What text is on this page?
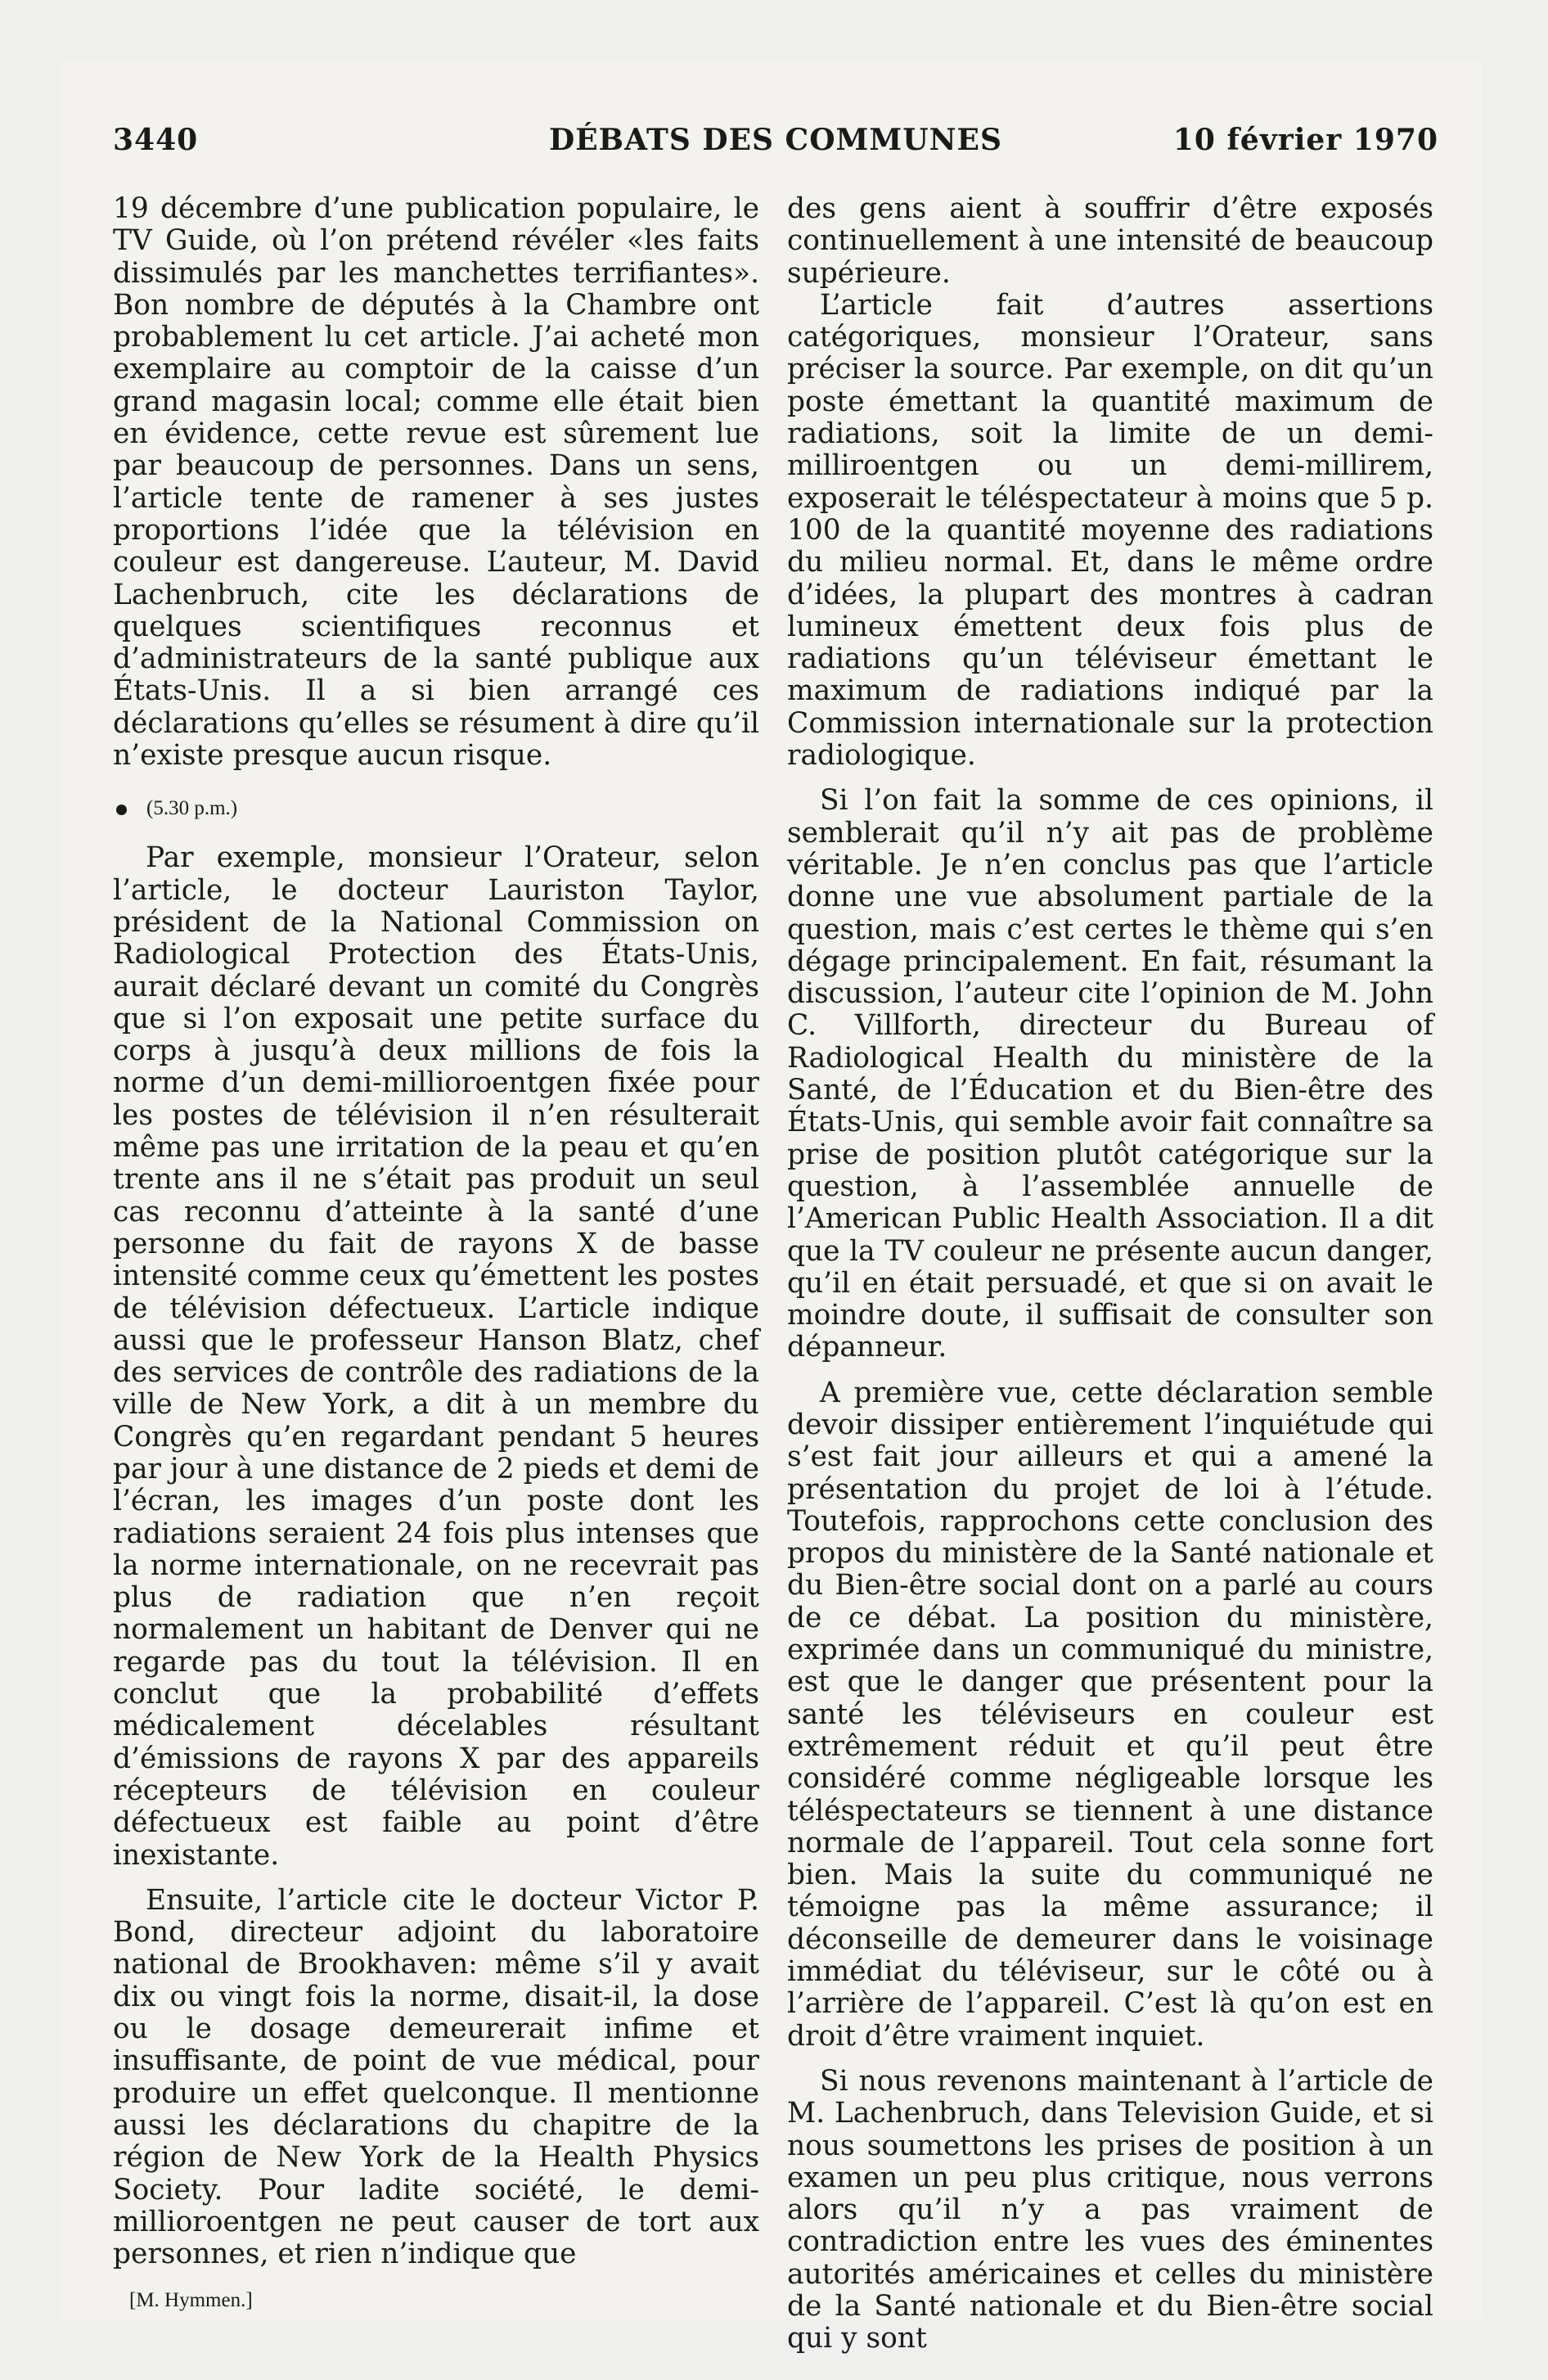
3440	DÉBATS DES COMMUNES	10 février 1970

19 décembre d’une publication populaire, le TV Guide, où l’on prétend révéler «les faits dissimulés par les manchettes terrifiantes». Bon nombre de députés à la Chambre ont probablement lu cet article. J’ai acheté mon exemplaire au comptoir de la caisse d’un grand magasin local; comme elle était bien en évidence, cette revue est sûrement lue par beaucoup de personnes. Dans un sens, l’article tente de ramener à ses justes proportions l’idée que la télévision en couleur est dangereuse. L’auteur, M. David Lachenbruch, cite les déclarations de quelques scientifiques reconnus et d’administrateurs de la santé publique aux États-Unis. Il a si bien arrangé ces déclarations qu’elles se résument à dire qu’il n’existe presque aucun risque.

(5.30 p.m.)

Par exemple, monsieur l’Orateur, selon l’article, le docteur Lauriston Taylor, président de la National Commission on Radiological Protection des États-Unis, aurait déclaré devant un comité du Congrès que si l’on exposait une petite surface du corps à jusqu’à deux millions de fois la norme d’un demi-millioroentgen fixée pour les postes de télévision il n’en résulterait même pas une irritation de la peau et qu’en trente ans il ne s’était pas produit un seul cas reconnu d’atteinte à la santé d’une personne du fait de rayons X de basse intensité comme ceux qu’émettent les postes de télévision défectueux. L’article indique aussi que le professeur Hanson Blatz, chef des services de contrôle des radiations de la ville de New York, a dit à un membre du Congrès qu’en regardant pendant 5 heures par jour à une distance de 2 pieds et demi de l’écran, les images d’un poste dont les radiations seraient 24 fois plus intenses que la norme internationale, on ne recevrait pas plus de radiation que n’en reçoit normalement un habitant de Denver qui ne regarde pas du tout la télévision. Il en conclut que la probabilité d’effets médicalement décelables résultant d’émissions de rayons X par des appareils récepteurs de télévision en couleur défectueux est faible au point d’être inexistante.

Ensuite, l’article cite le docteur Victor P. Bond, directeur adjoint du laboratoire national de Brookhaven: même s’il y avait dix ou vingt fois la norme, disait-il, la dose ou le dosage demeurerait infime et insuffisante, de point de vue médical, pour produire un effet quelconque. Il mentionne aussi les déclarations du chapitre de la région de New York de la Health Physics Society. Pour ladite société, le demi-millioroentgen ne peut causer de tort aux personnes, et rien n’indique que

[M. Hymmen.]

des gens aient à souffrir d’être exposés continuellement à une intensité de beaucoup supérieure.

L’article fait d’autres assertions catégoriques, monsieur l’Orateur, sans préciser la source. Par exemple, on dit qu’un poste émettant la quantité maximum de radiations, soit la limite de un demi-milliroentgen ou un demi-millirem, exposerait le téléspectateur à moins que 5 p. 100 de la quantité moyenne des radiations du milieu normal. Et, dans le même ordre d’idées, la plupart des montres à cadran lumineux émettent deux fois plus de radiations qu’un téléviseur émettant le maximum de radiations indiqué par la Commission internationale sur la protection radiologique.

Si l’on fait la somme de ces opinions, il semblerait qu’il n’y ait pas de problème véritable. Je n’en conclus pas que l’article donne une vue absolument partiale de la question, mais c’est certes le thème qui s’en dégage principalement. En fait, résumant la discussion, l’auteur cite l’opinion de M. John C. Villforth, directeur du Bureau of Radiological Health du ministère de la Santé, de l’Éducation et du Bien-être des États-Unis, qui semble avoir fait connaître sa prise de position plutôt catégorique sur la question, à l’assemblée annuelle de l’American Public Health Association. Il a dit que la TV couleur ne présente aucun danger, qu’il en était persuadé, et que si on avait le moindre doute, il suffisait de consulter son dépanneur.

A première vue, cette déclaration semble devoir dissiper entièrement l’inquiétude qui s’est fait jour ailleurs et qui a amené la présentation du projet de loi à l’étude. Toutefois, rapprochons cette conclusion des propos du ministère de la Santé nationale et du Bien-être social dont on a parlé au cours de ce débat. La position du ministère, exprimée dans un communiqué du ministre, est que le danger que présentent pour la santé les téléviseurs en couleur est extrêmement réduit et qu’il peut être considéré comme négligeable lorsque les téléspectateurs se tiennent à une distance normale de l’appareil. Tout cela sonne fort bien. Mais la suite du communiqué ne témoigne pas la même assurance; il déconseille de demeurer dans le voisinage immédiat du téléviseur, sur le côté ou à l’arrière de l’appareil. C’est là qu’on est en droit d’être vraiment inquiet.

Si nous revenons maintenant à l’article de M. Lachenbruch, dans Television Guide, et si nous soumettons les prises de position à un examen un peu plus critique, nous verrons alors qu’il n’y a pas vraiment de contradiction entre les vues des éminentes autorités américaines et celles du ministère de la Santé nationale et du Bien-être social qui y sont
